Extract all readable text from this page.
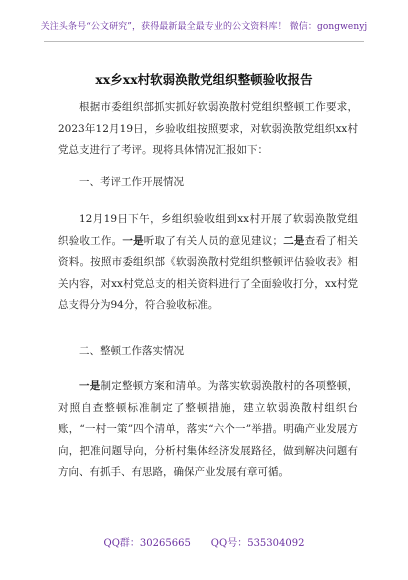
关注头条号“公文研究”，获得最新最全最专业的公文资料库！ 微信：gongwenyj
xx乡xx村软弱涣散党组织整顿验收报告

根据市委组织部抓实抓好软弱涣散村党组织整顿工作要求，2023年12月19日，乡验收组按照要求，对软弱涣散党组织xx村党总支进行了考评。现将具体情况汇报如下：

一、考评工作开展情况

12月19日下午，乡组织验收组到xx村开展了软弱涣散党组织验收工作。一是听取了有关人员的意见建议；二是查看了相关资料。按照市委组织部《软弱涣散村党组织整顿评估验收表》相关内容，对xx村党总支的相关资料进行了全面验收打分，xx村党总支得分为94分，符合验收标准。

二、整顿工作落实情况

一是制定整顿方案和清单。为落实软弱涣散村的各项整顿，对照自查整顿标准制定了整顿措施，建立软弱涣散村组织台账，“一村一策”四个清单，落实“六个一”举措。明确产业发展方向，把准问题导向，分析村集体经济发展路径，做到解决问题有方向、有抓手、有思路，确保产业发展有章可循。

QQ群：30265665　　QQ号：535304092
